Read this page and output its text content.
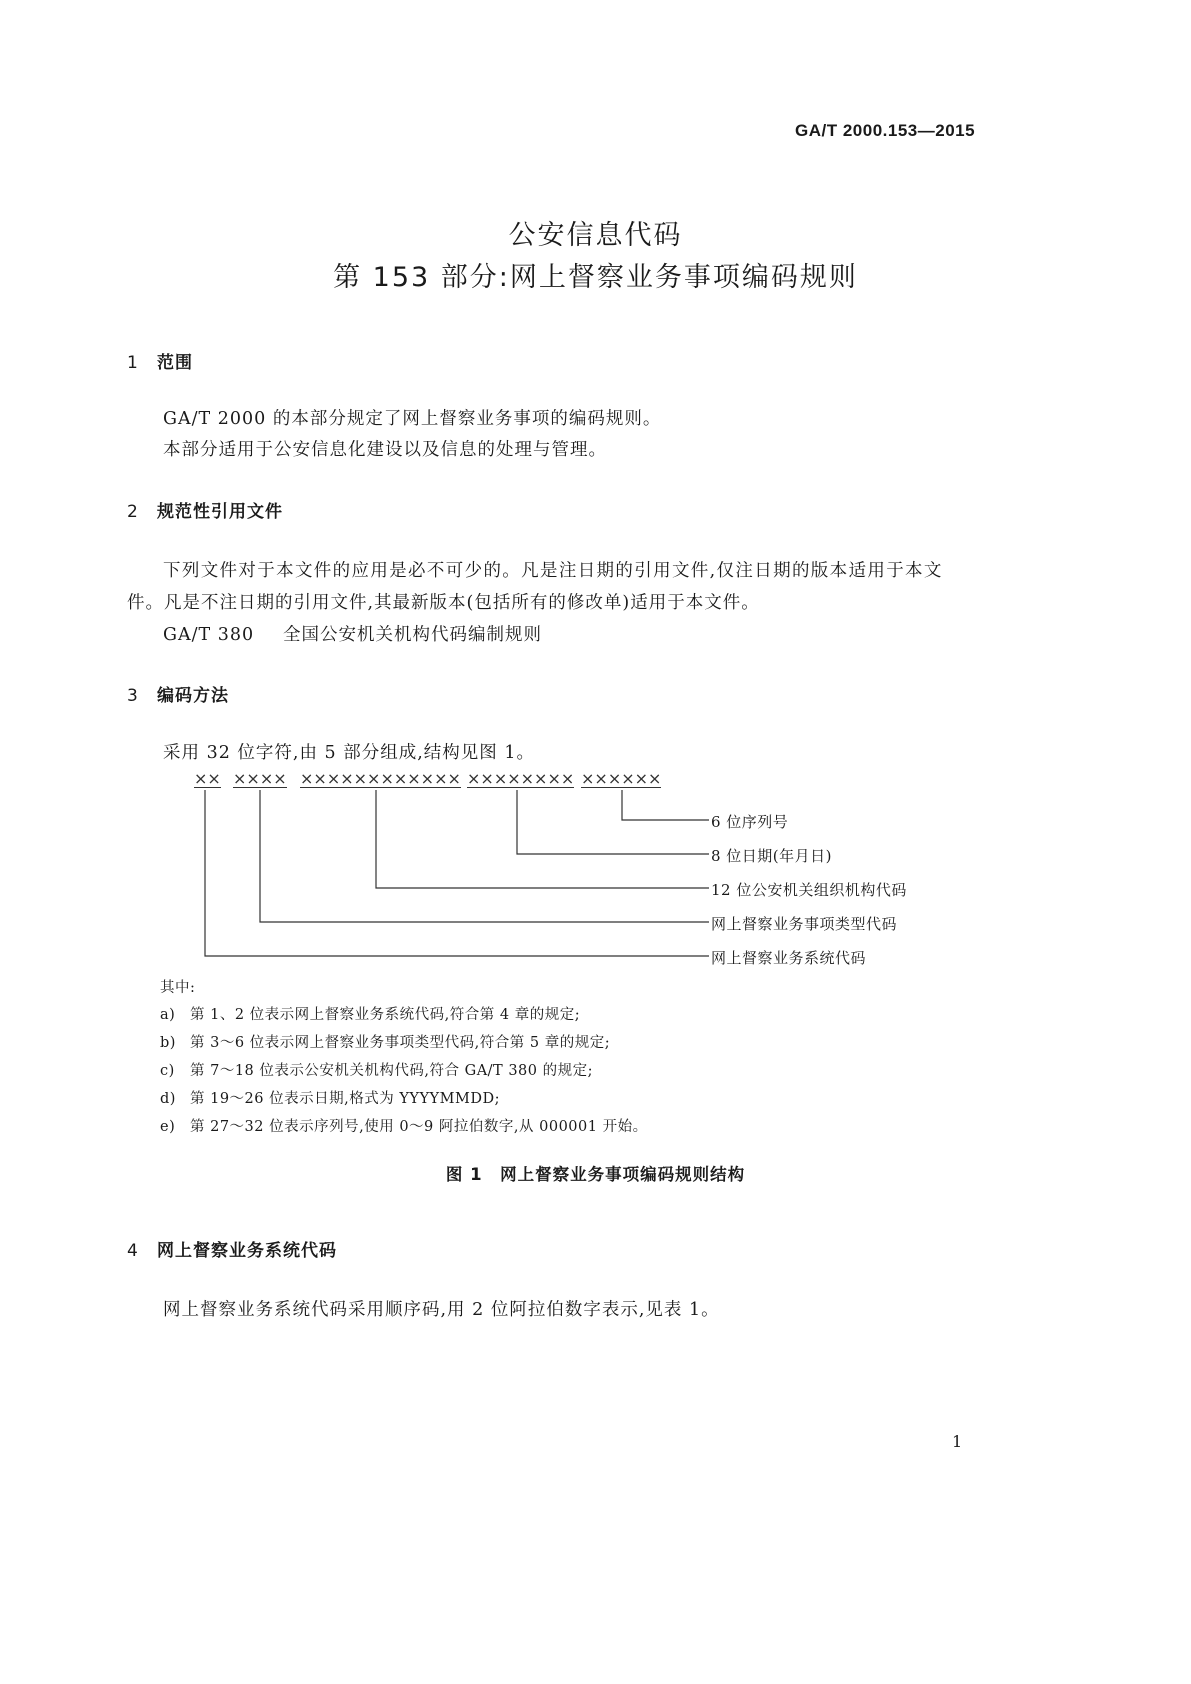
GA/T 2000.153—2015
公安信息代码
第 153 部分:网上督察业务事项编码规则
1 范围
GA/T 2000 的本部分规定了网上督察业务事项的编码规则。
本部分适用于公安信息化建设以及信息的处理与管理。
2 规范性引用文件
下列文件对于本文件的应用是必不可少的。凡是注日期的引用文件,仅注日期的版本适用于本文
件。凡是不注日期的引用文件,其最新版本(包括所有的修改单)适用于本文件。
GA/T 380 全国公安机关机构代码编制规则
3 编码方法
采用 32 位字符,由 5 部分组成,结构见图 1。
×× ×××× ×××××××××××× ×××××××× ××××××
6 位序列号
8 位日期(年月日)
12 位公安机关组织机构代码
网上督察业务事项类型代码
网上督察业务系统代码
其中:
a) 第 1、2 位表示网上督察业务系统代码,符合第 4 章的规定;
b) 第 3～6 位表示网上督察业务事项类型代码,符合第 5 章的规定;
c) 第 7～18 位表示公安机关机构代码,符合 GA/T 380 的规定;
d) 第 19～26 位表示日期,格式为 YYYYMMDD;
e) 第 27～32 位表示序列号,使用 0～9 阿拉伯数字,从 000001 开始。
图 1　网上督察业务事项编码规则结构
4 网上督察业务系统代码
网上督察业务系统代码采用顺序码,用 2 位阿拉伯数字表示,见表 1。
1
